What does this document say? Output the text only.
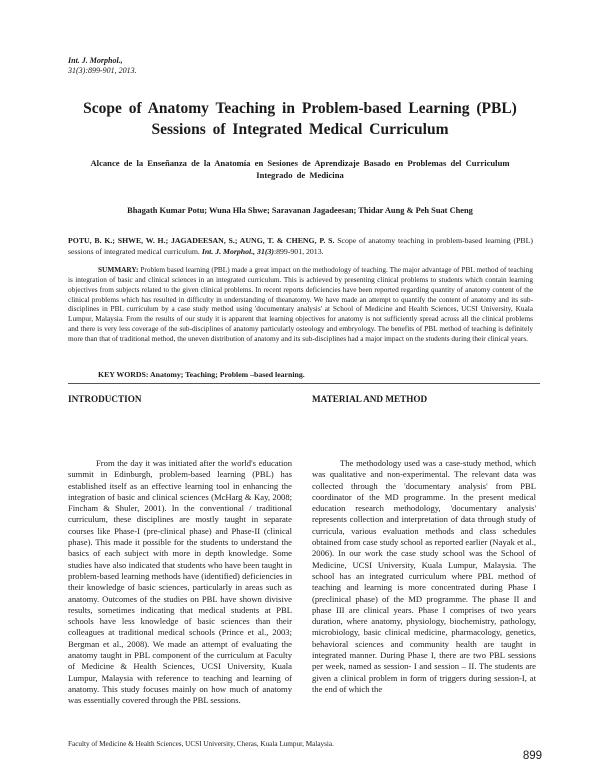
Int. J. Morphol.,
31(3):899-901, 2013.
Scope of Anatomy Teaching in Problem-based Learning (PBL) Sessions of Integrated Medical Curriculum
Alcance de la Enseñanza de la Anatomía en Sesiones de Aprendizaje Basado en Problemas del Curriculum Integrado de Medicina
Bhagath Kumar Potu; Wuna Hla Shwe; Saravanan Jagadeesan; Thidar Aung & Peh Suat Cheng
POTU, B. K.; SHWE, W. H.; JAGADEESAN, S.; AUNG, T. & CHENG, P. S. Scope of anatomy teaching in problem-based learning (PBL) sessions of integrated medical curriculum. Int. J. Morphol., 31(3):899-901, 2013.
SUMMARY: Problem based learning (PBL) made a great impact on the methodology of teaching. The major advantage of PBL method of teaching is integration of basic and clinical sciences in an integrated curriculum. This is achieved by presenting clinical problems to students which contain learning objectives from subjects related to the given clinical problems. In recent reports deficiencies have been reported regarding quantity of anatomy content of the clinical problems which has resulted in difficulty in understanding of theanatomy. We have made an attempt to quantify the content of anatomy and its sub-disciplines in PBL curriculum by a case study method using 'documentary analysis' at School of Medicine and Health Sciences, UCSI University, Kuala Lumpur, Malaysia. From the results of our study it is apparent that learning objectives for anatomy is not sufficiently spread across all the clinical problems and there is very less coverage of the sub-disciplines of anatomy particularly osteology and embryology. The benefits of PBL method of teaching is definitely more than that of traditional method, the uneven distribution of anatomy and its sub-disciplines had a major impact on the students during their clinical years.
KEY WORDS: Anatomy; Teaching; Problem –based learning.
INTRODUCTION	MATERIAL AND METHOD

From the day it was initiated after the world's education summit in Edinburgh, problem-based learning (PBL) has established itself as an effective learning tool in enhancing the integration of basic and clinical sciences (McHarg & Kay, 2008; Fincham & Shuler, 2001). In the conventional / traditional curriculum, these disciplines are mostly taught in separate courses like Phase-I (pre-clinical phase) and Phase-II (clinical phase). This made it possible for the students to understand the basics of each subject with more in depth knowledge. Some studies have also indicated that students who have been taught in problem-based learning methods have (identified) deficiencies in their knowledge of basic sciences, particularly in areas such as anatomy. Outcomes of the studies on PBL have shown divisive results, sometimes indicating that medical students at PBL schools have less knowledge of basic sciences than their colleagues at traditional medical schools (Prince et al., 2003; Bergman et al., 2008). We made an attempt of evaluating the anatomy taught in PBL component of the curriculum at Faculty of Medicine & Health Sciences, UCSI University, Kuala Lumpur, Malaysia with reference to teaching and learning of anatomy. This study focuses mainly on how much of anatomy was essentially covered through the PBL sessions.

The methodology used was a case-study method, which was qualitative and non-experimental. The relevant data was collected through the 'documentary analysis' from PBL coordinator of the MD programme. In the present medical education research methodology, 'documentary analysis' represents collection and interpretation of data through study of curricula, various evaluation methods and class schedules obtained from case study school as reported earlier (Nayak et al., 2006). In our work the case study school was the School of Medicine, UCSI University, Kuala Lumpur, Malaysia. The school has an integrated curriculum where PBL method of teaching and learning is more concentrated during Phase I (preclinical phase) of the MD programme. The phase II and phase III are clinical years. Phase I comprises of two years duration, where anatomy, physiology, biochemistry, pathology, microbiology, basic clinical medicine, pharmacology, genetics, behavioral sciences and community health are taught in integrated manner. During Phase I, there are two PBL sessions per week, named as session- I and session – II. The students are given a clinical problem in form of triggers during session-I, at the end of which the

Faculty of Medicine & Health Sciences, UCSI University, Cheras, Kuala Lumpur, Malaysia.
899
